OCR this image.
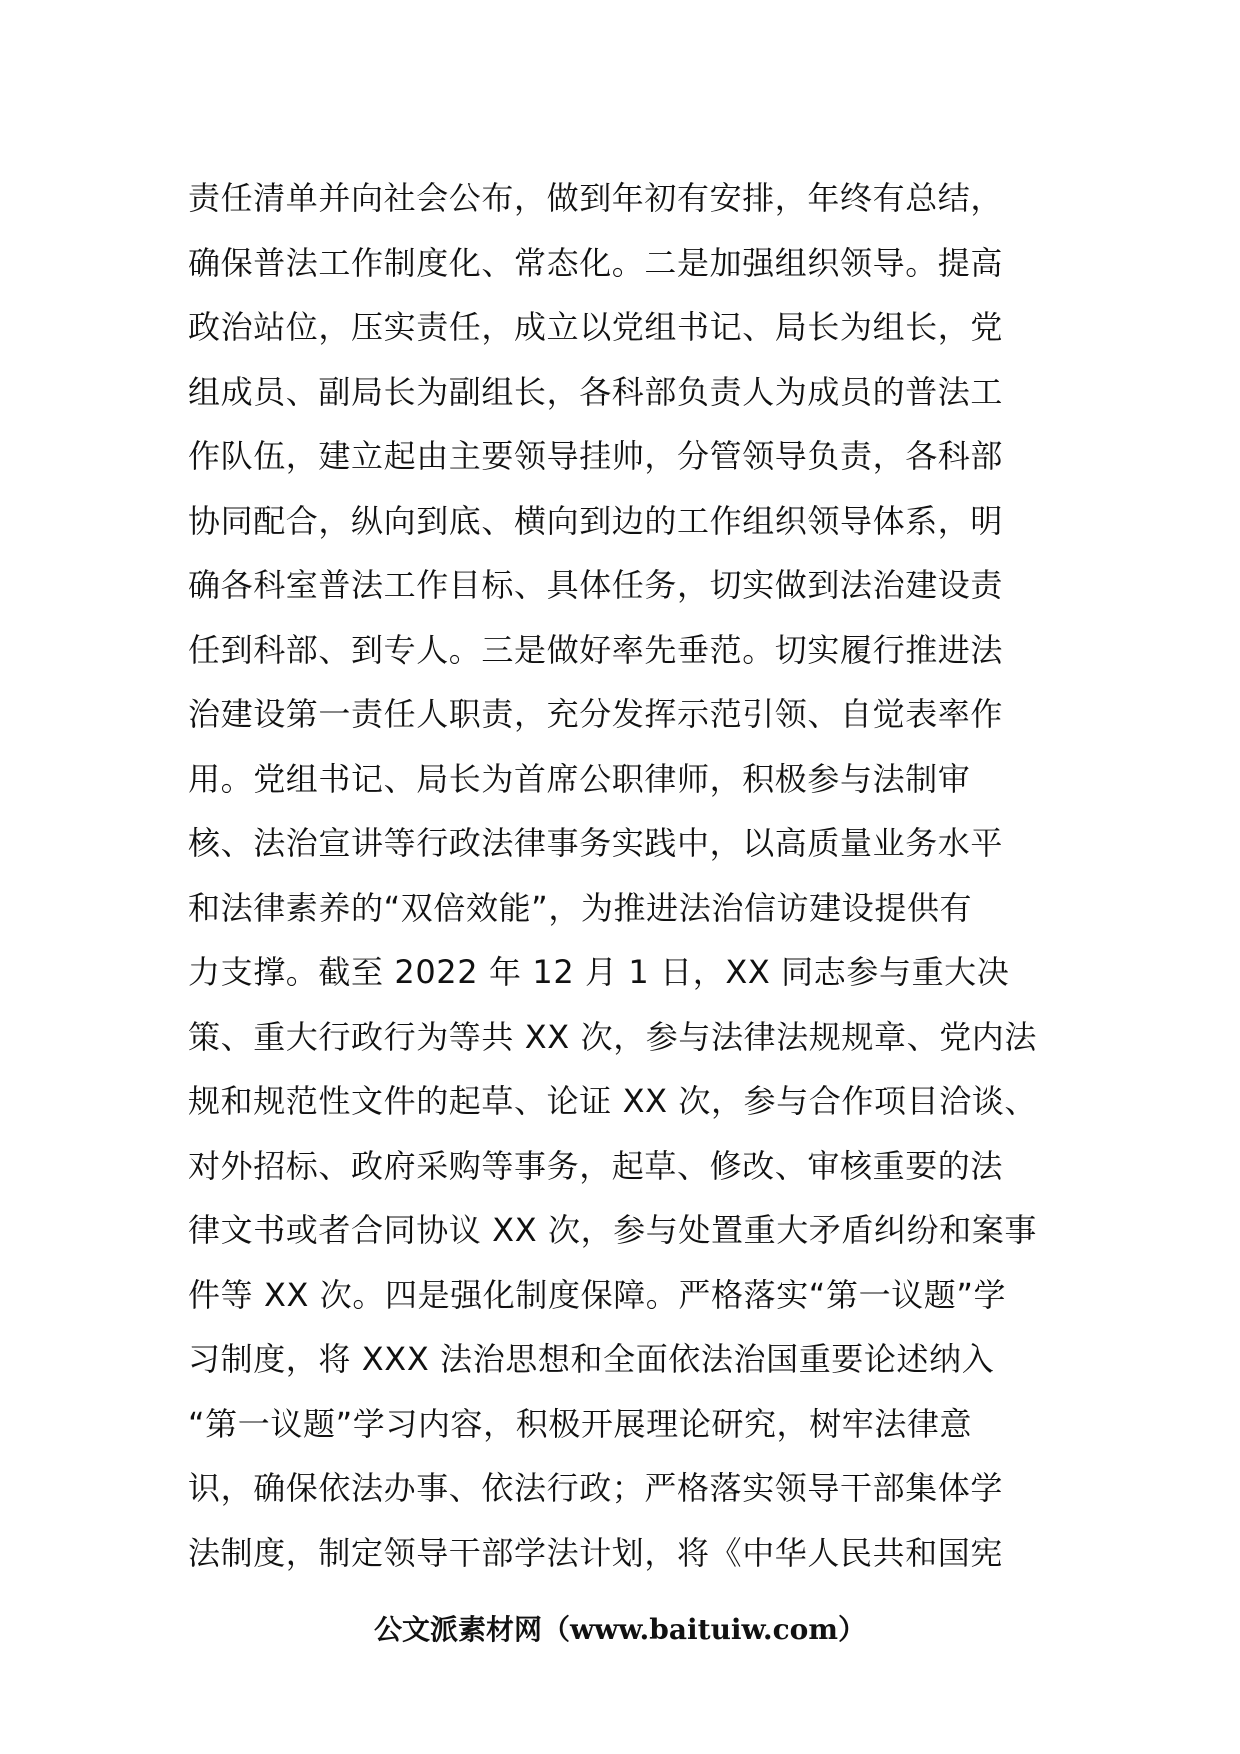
责任清单并向社会公布，做到年初有安排，年终有总结，
确保普法工作制度化、常态化。二是加强组织领导。提高
政治站位，压实责任，成立以党组书记、局长为组长，党
组成员、副局长为副组长，各科部负责人为成员的普法工
作队伍，建立起由主要领导挂帅，分管领导负责，各科部
协同配合，纵向到底、横向到边的工作组织领导体系，明
确各科室普法工作目标、具体任务，切实做到法治建设责
任到科部、到专人。三是做好率先垂范。切实履行推进法
治建设第一责任人职责，充分发挥示范引领、自觉表率作
用。党组书记、局长为首席公职律师，积极参与法制审
核、法治宣讲等行政法律事务实践中，以高质量业务水平
和法律素养的“双倍效能”，为推进法治信访建设提供有
力支撑。截至 2022 年 12 月 1 日，XX 同志参与重大决
策、重大行政行为等共 XX 次，参与法律法规规章、党内法
规和规范性文件的起草、论证 XX 次，参与合作项目洽谈、
对外招标、政府采购等事务，起草、修改、审核重要的法
律文书或者合同协议 XX 次，参与处置重大矛盾纠纷和案事
件等 XX 次。四是强化制度保障。严格落实“第一议题”学
习制度，将 XXX 法治思想和全面依法治国重要论述纳入
“第一议题”学习内容，积极开展理论研究，树牢法律意
识，确保依法办事、依法行政；严格落实领导干部集体学
法制度，制定领导干部学法计划，将《中华人民共和国宪
公文派素材网（www.baituiw.com）
